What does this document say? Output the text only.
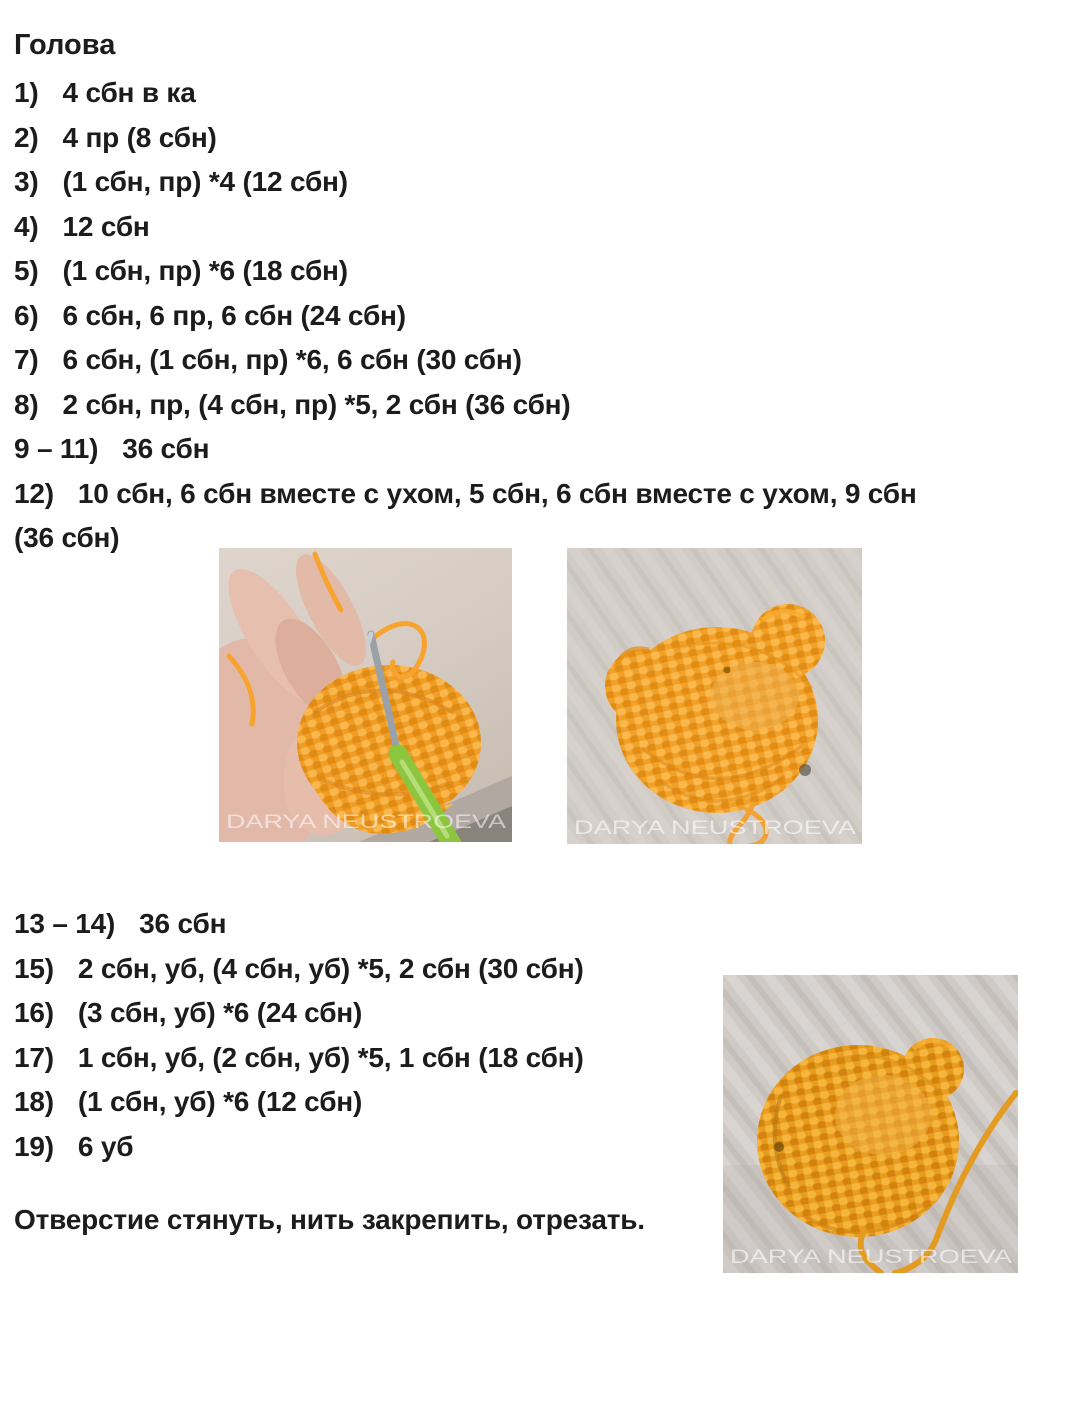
Голова

1) 4 сбн в ка

2) 4 пр (8 сбн)

3) (1 сбн, пр) *4 (12 сбн)

4) 12 сбн

5) (1 сбн, пр) *6 (18 сбн)

6) 6 сбн, 6 пр, 6 сбн (24 сбн)

7) 6 сбн, (1 сбн, пр) *6, 6 сбн (30 сбн)

8) 2 сбн, пр, (4 сбн, пр) *5, 2 сбн (36 сбн)

9 – 11) 36 сбн

12) 10 сбн, 6 сбн вместе с ухом, 5 сбн, 6 сбн вместе с ухом, 9 сбн

(36 сбн)

DARYA NEUSTROEVA	DARYA NEUSTROEVA

13 – 14) 36 сбн

15) 2 сбн, уб, (4 сбн, уб) *5, 2 сбн (30 сбн)

16) (3 сбн, уб) *6 (24 сбн)

17) 1 сбн, уб, (2 сбн, уб) *5, 1 сбн (18 сбн)

18) (1 сбн, уб) *6 (12 сбн)

19) 6 уб

DARYA NEUSTROEVA

Отверстие стянуть, нить закрепить, отрезать.
